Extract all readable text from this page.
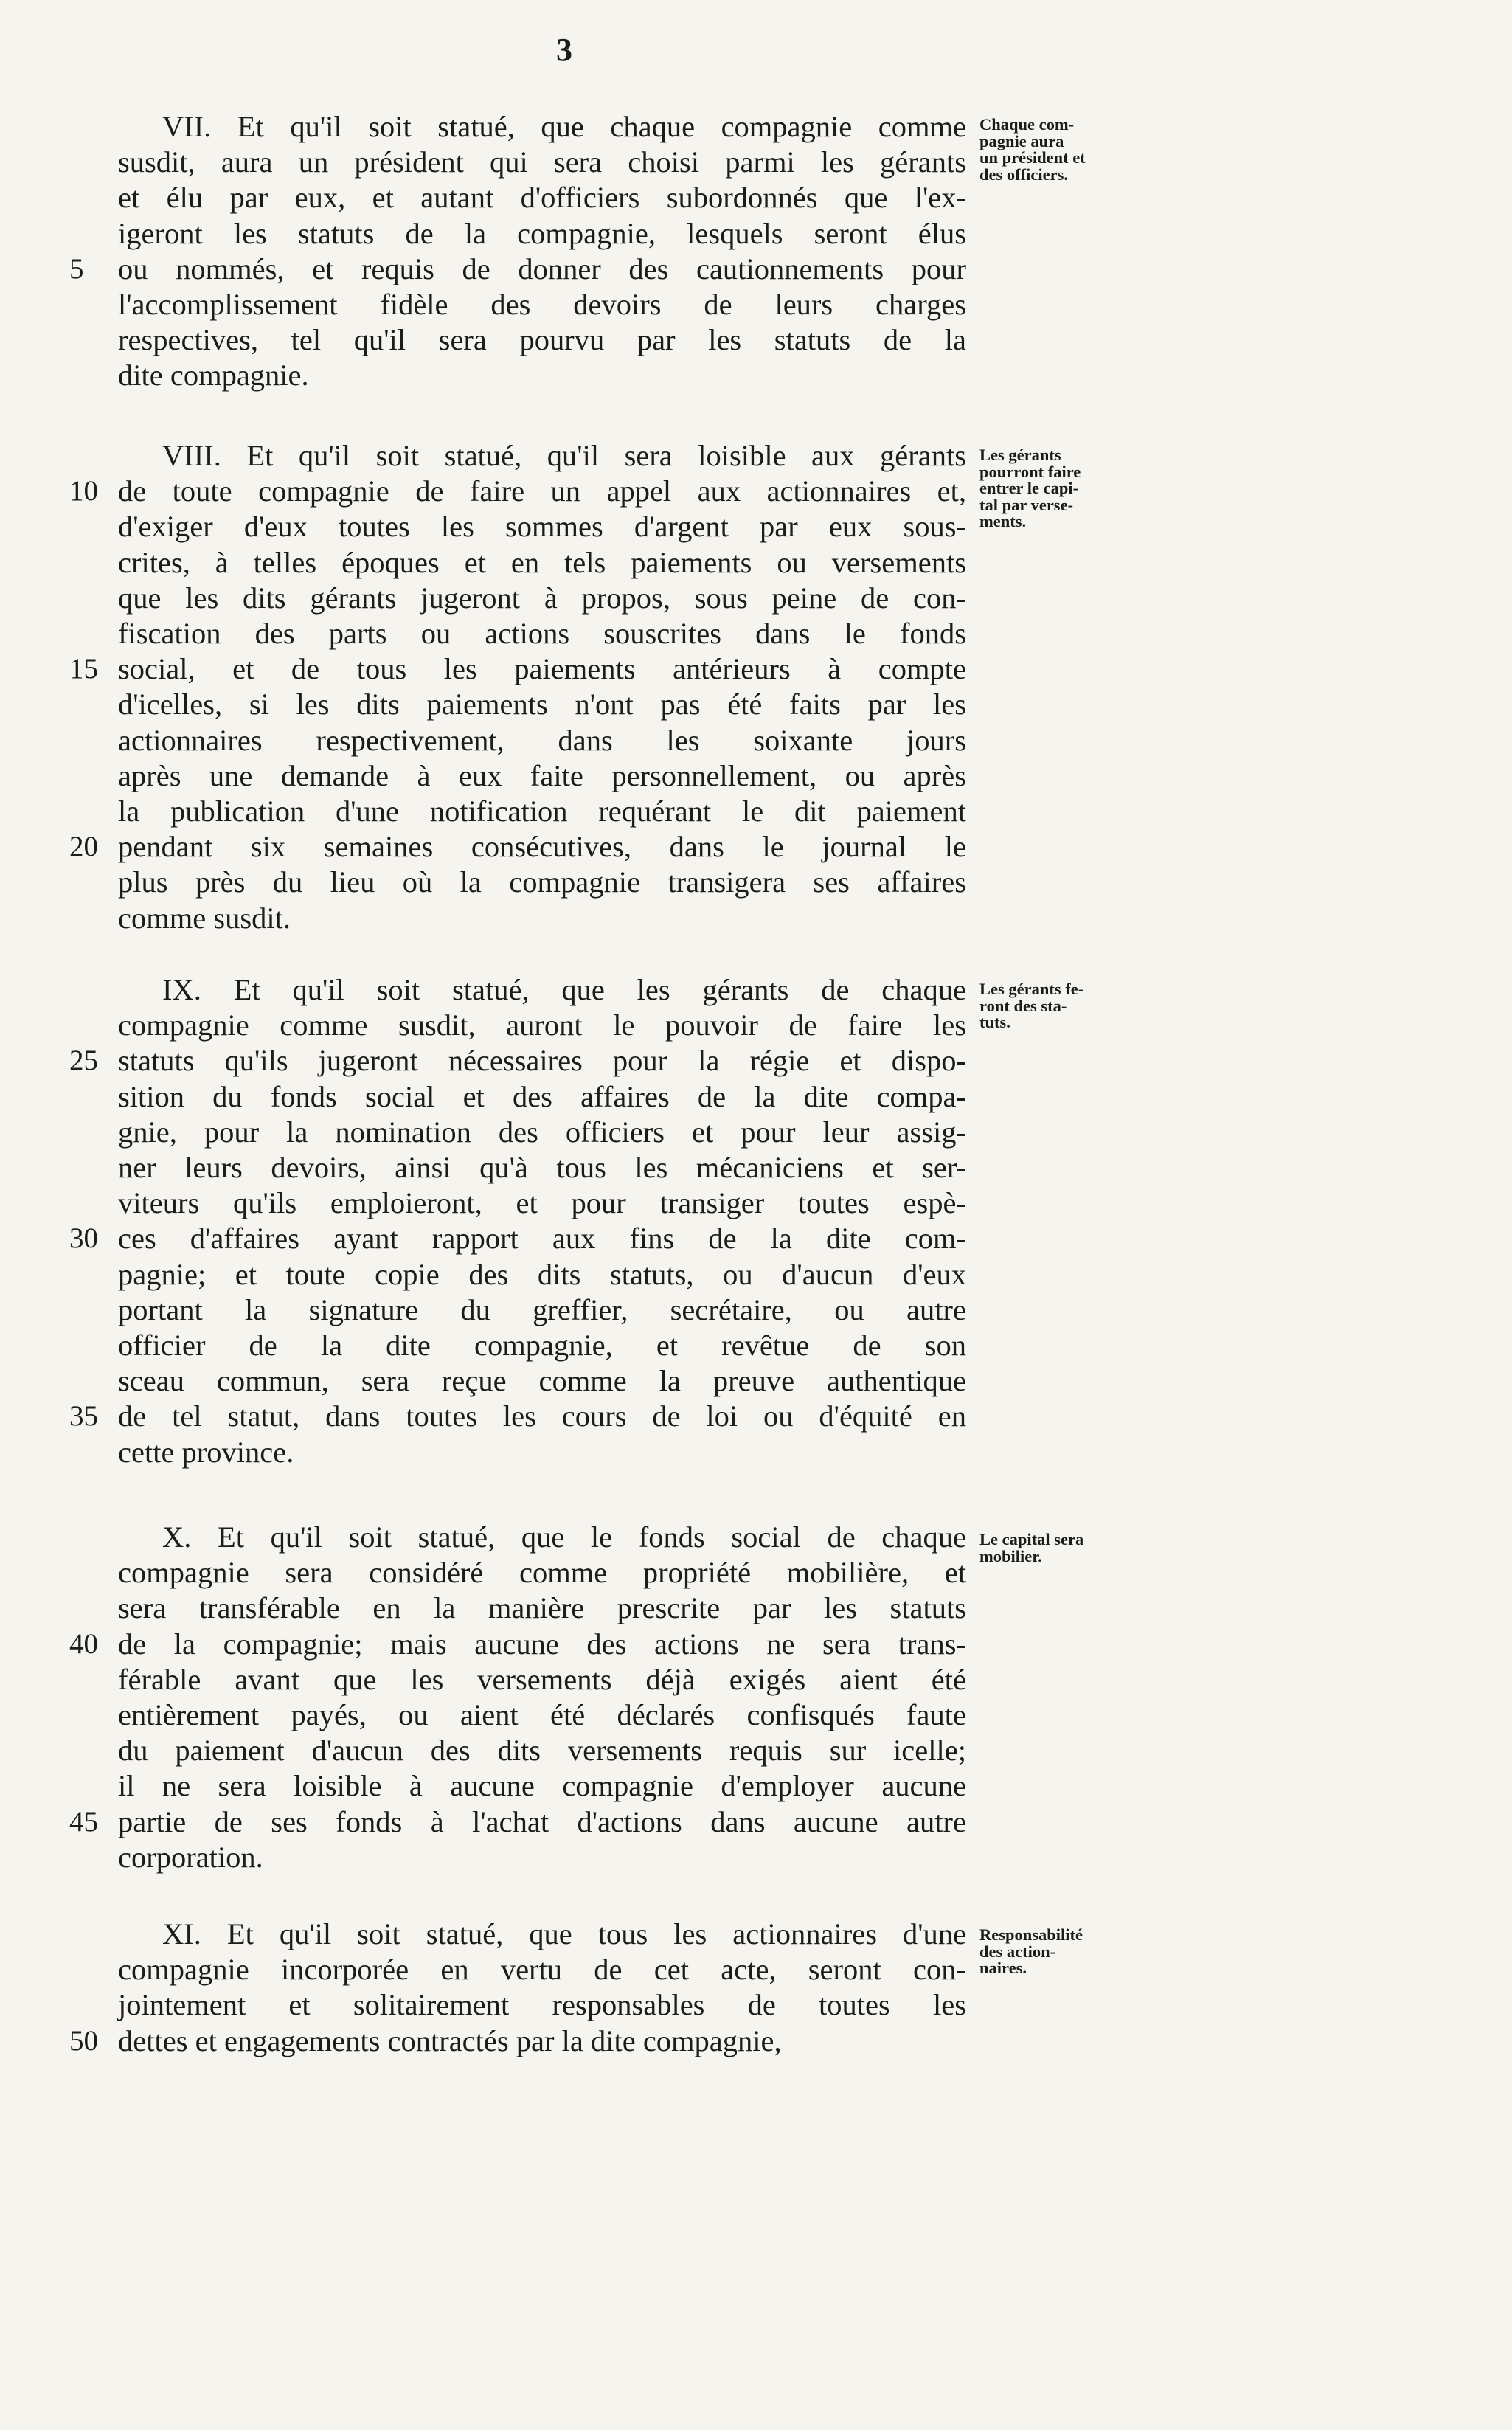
3
VII. Et qu'il soit statué, que chaque compagnie comme
susdit, aura un président qui sera choisi parmi les gérants
et élu par eux, et autant d'officiers subordonnés que l'ex-
igeront les statuts de la compagnie, lesquels seront élus
ou nommés, et requis de donner des cautionnements pour
5
l'accomplissement fidèle des devoirs de leurs charges
respectives, tel qu'il sera pourvu par les statuts de la
dite compagnie.
Chaque com-
pagnie aura
un président et
des officiers.
VIII. Et qu'il soit statué, qu'il sera loisible aux gérants
de toute compagnie de faire un appel aux actionnaires et,
10
d'exiger d'eux toutes les sommes d'argent par eux sous-
crites, à telles époques et en tels paiements ou versements
que les dits gérants jugeront à propos, sous peine de con-
fiscation des parts ou actions souscrites dans le fonds
social, et de tous les paiements antérieurs à compte
15
d'icelles, si les dits paiements n'ont pas été faits par les
actionnaires respectivement, dans les soixante jours
après une demande à eux faite personnellement, ou après
la publication d'une notification requérant le dit paiement
pendant six semaines consécutives, dans le journal le
20
plus près du lieu où la compagnie transigera ses affaires
comme susdit.
Les gérants
pourront faire
entrer le capi-
tal par verse-
ments.
IX. Et qu'il soit statué, que les gérants de chaque
compagnie comme susdit, auront le pouvoir de faire les
statuts qu'ils jugeront nécessaires pour la régie et dispo-
25
sition du fonds social et des affaires de la dite compa-
gnie, pour la nomination des officiers et pour leur assig-
ner leurs devoirs, ainsi qu'à tous les mécaniciens et ser-
viteurs qu'ils emploieront, et pour transiger toutes espè-
ces d'affaires ayant rapport aux fins de la dite com-
30
pagnie; et toute copie des dits statuts, ou d'aucun d'eux
portant la signature du greffier, secrétaire, ou autre
officier de la dite compagnie, et revêtue de son
sceau commun, sera reçue comme la preuve authentique
de tel statut, dans toutes les cours de loi ou d'équité en
35
cette province.
Les gérants fe-
ront des sta-
tuts.
X. Et qu'il soit statué, que le fonds social de chaque
compagnie sera considéré comme propriété mobilière, et
sera transférable en la manière prescrite par les statuts
de la compagnie; mais aucune des actions ne sera trans-
40
férable avant que les versements déjà exigés aient été
entièrement payés, ou aient été déclarés confisqués faute
du paiement d'aucun des dits versements requis sur icelle;
il ne sera loisible à aucune compagnie d'employer aucune
partie de ses fonds à l'achat d'actions dans aucune autre
45
corporation.
Le capital sera
mobilier.
XI. Et qu'il soit statué, que tous les actionnaires d'une
compagnie incorporée en vertu de cet acte, seront con-
jointement et solitairement responsables de toutes les
dettes et engagements contractés par la dite compagnie,
50
Responsabilité
des action-
naires.
